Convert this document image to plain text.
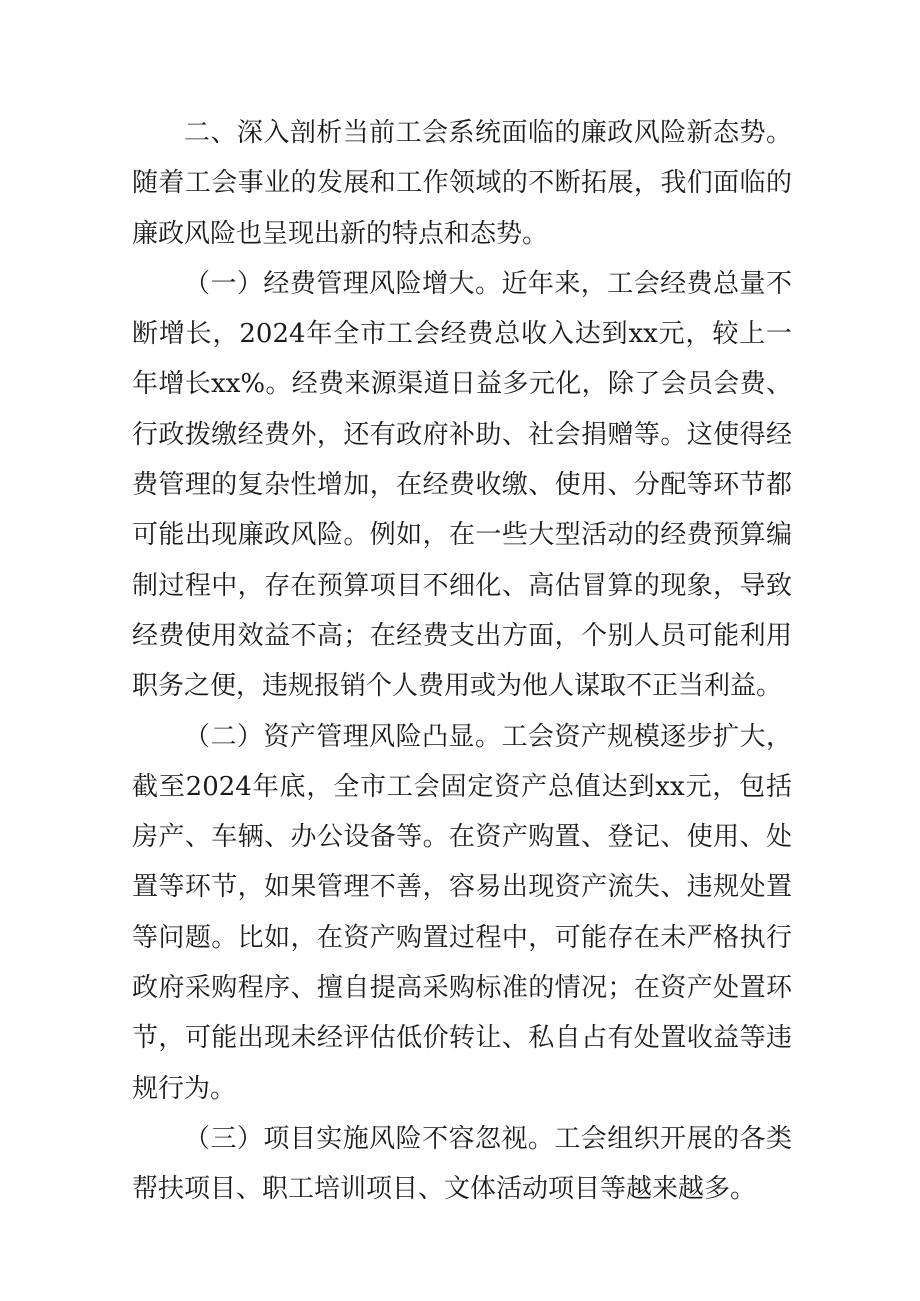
二、深入剖析当前工会系统面临的廉政风险新态势。随着工会事业的发展和工作领域的不断拓展，我们面临的廉政风险也呈现出新的特点和态势。

（一）经费管理风险增大。近年来，工会经费总量不断增长，2024年全市工会经费总收入达到xx元，较上一年增长xx%。经费来源渠道日益多元化，除了会员会费、行政拨缴经费外，还有政府补助、社会捐赠等。这使得经费管理的复杂性增加，在经费收缴、使用、分配等环节都可能出现廉政风险。例如，在一些大型活动的经费预算编制过程中，存在预算项目不细化、高估冒算的现象，导致经费使用效益不高；在经费支出方面，个别人员可能利用职务之便，违规报销个人费用或为他人谋取不正当利益。

（二）资产管理风险凸显。工会资产规模逐步扩大，截至2024年底，全市工会固定资产总值达到xx元，包括房产、车辆、办公设备等。在资产购置、登记、使用、处置等环节，如果管理不善，容易出现资产流失、违规处置等问题。比如，在资产购置过程中，可能存在未严格执行政府采购程序、擅自提高采购标准的情况；在资产处置环节，可能出现未经评估低价转让、私自占有处置收益等违规行为。

（三）项目实施风险不容忽视。工会组织开展的各类帮扶项目、职工培训项目、文体活动项目等越来越多。
